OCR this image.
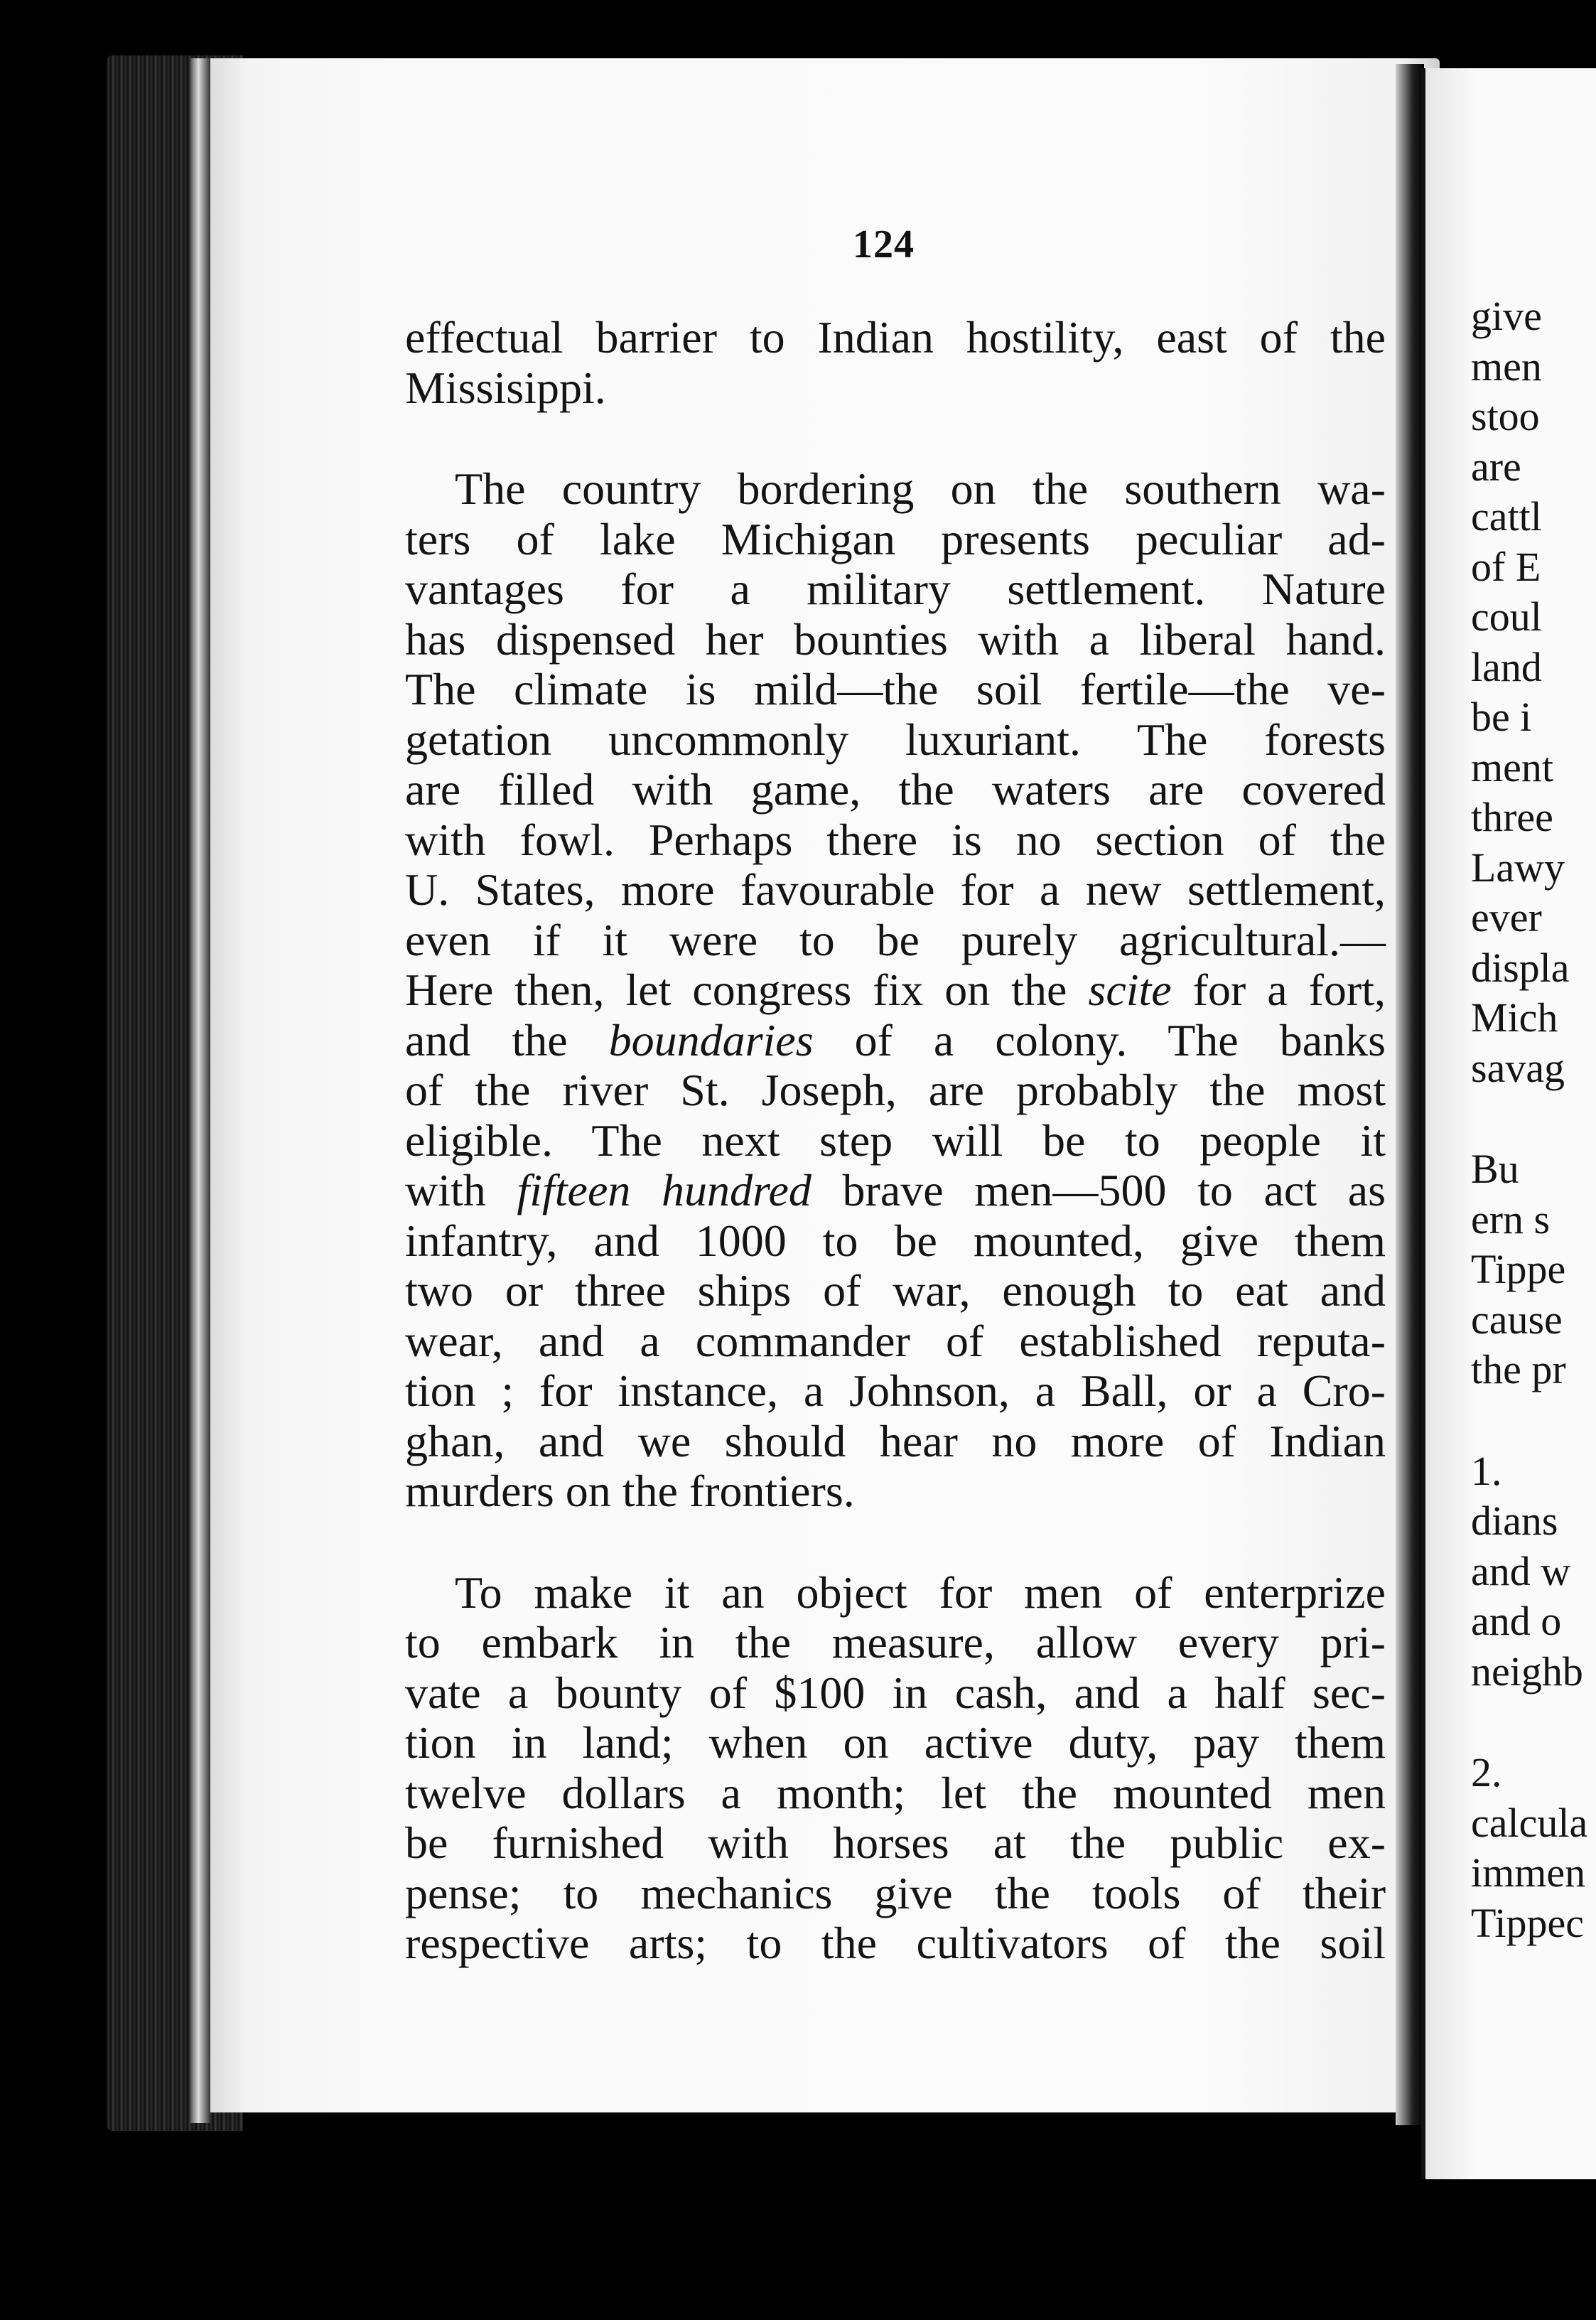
124
effectual barrier to Indian hostility, east of the
Missisippi.
The country bordering on the southern wa-
ters of lake Michigan presents peculiar ad-
vantages for a military settlement. Nature
has dispensed her bounties with a liberal hand.
The climate is mild—the soil fertile—the ve-
getation uncommonly luxuriant. The forests
are filled with game, the waters are covered
with fowl. Perhaps there is no section of the
U. States, more favourable for a new settlement,
even if it were to be purely agricultural.—
Here then, let congress fix on the scite for a fort,
and the boundaries of a colony. The banks
of the river St. Joseph, are probably the most
eligible. The next step will be to people it
with fifteen hundred brave men—500 to act as
infantry, and 1000 to be mounted, give them
two or three ships of war, enough to eat and
wear, and a commander of established reputa-
tion ; for instance, a Johnson, a Ball, or a Cro-
ghan, and we should hear no more of Indian
murders on the frontiers.
To make it an object for men of enterprize
to embark in the measure, allow every pri-
vate a bounty of $100 in cash, and a half sec-
tion in land; when on active duty, pay them
twelve dollars a month; let the mounted men
be furnished with horses at the public ex-
pense; to mechanics give the tools of their
respective arts; to the cultivators of the soil
give
men
stoo
are
cattl
of E
coul
land
be i
ment
three
Lawy
ever
displa
Mich
savag
Bu
ern s
Tippe
cause
the pr
1.
dians
and w
and o
neighb
2.
calcula
immen
Tippec
